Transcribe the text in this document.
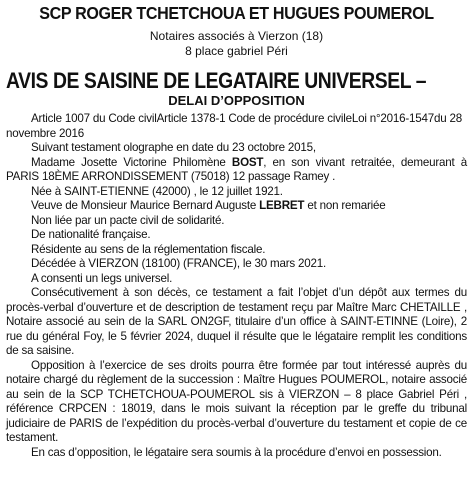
SCP ROGER TCHETCHOUA ET HUGUES POUMEROL

Notaires associés à Vierzon (18)

8 place gabriel Péri

AVIS DE SAISINE DE LEGATAIRE UNIVERSEL –
DELAI D’OPPOSITION

Article 1007 du Code civilArticle 1378-1 Code de procédure civileLoi n°2016-1547du 28 novembre 2016

Suivant testament olographe en date du 23 octobre 2015,

Madame Josette Victorine Philomène BOST, en son vivant retraitée, demeurant à PARIS 18ÈME ARRONDISSEMENT (75018) 12 passage Ramey .

Née à SAINT-ETIENNE (42000) , le 12 juillet 1921.

Veuve de Monsieur Maurice Bernard Auguste LEBRET et non remariée

Non liée par un pacte civil de solidarité.

De nationalité française.

Résidente au sens de la réglementation fiscale.

Décédée à VIERZON (18100) (FRANCE), le 30 mars 2021.

A consenti un legs universel.

Consécutivement à son décès, ce testament a fait l’objet d’un dépôt aux termes du procès-verbal d’ouverture et de description de testament reçu par Maître Marc CHETAILLE , Notaire associé au sein de la SARL ON2GF, titulaire d’un office à SAINT-ETINNE (Loire), 2 rue du général Foy, le 5 février 2024, duquel il résulte que le légataire remplit les conditions de sa saisine.

Opposition à l’exercice de ses droits pourra être formée par tout intéressé auprès du notaire chargé du règlement de la succession : Maître Hugues POUMEROL, notaire associé au sein de la SCP TCHETCHOUA-POUMEROL sis à VIERZON – 8 place Gabriel Péri , référence CRPCEN : 18019, dans le mois suivant la réception par le greffe du tribunal judiciaire de PARIS de l’expédition du procès-verbal d’ouverture du testament et copie de ce testament.

En cas d’opposition, le légataire sera soumis à la procédure d’envoi en possession.
